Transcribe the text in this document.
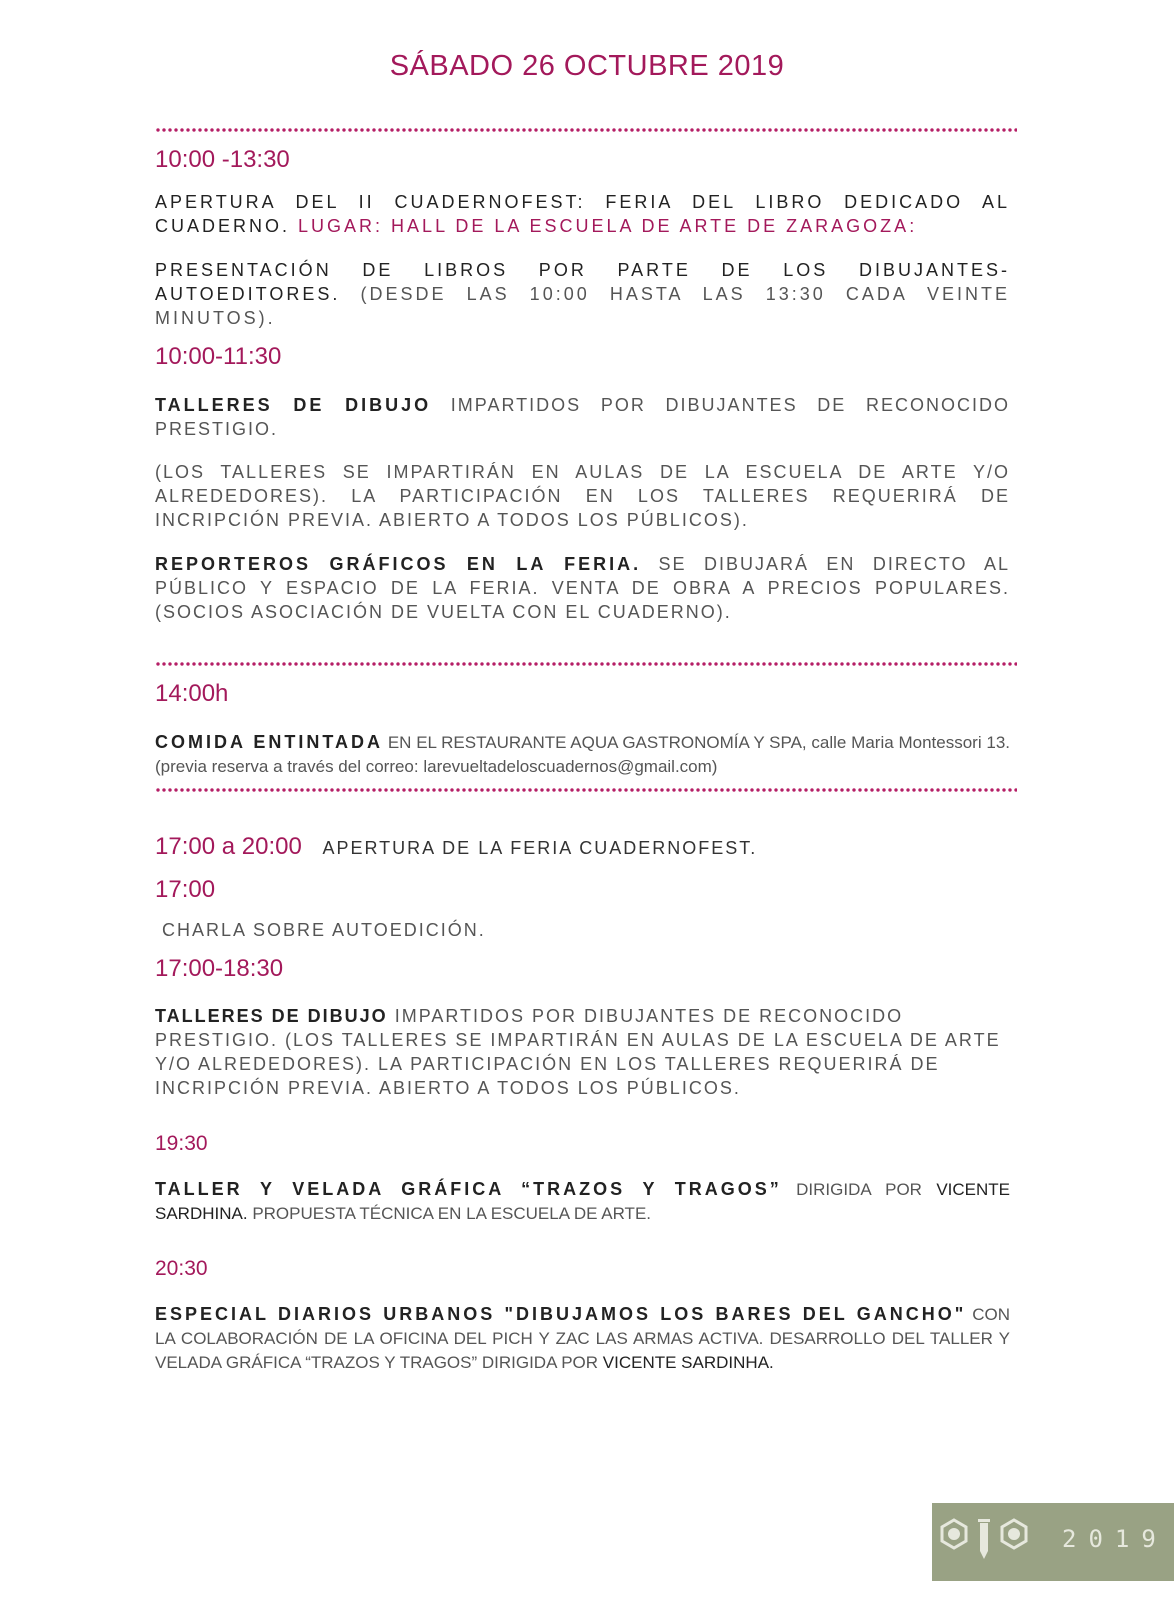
SÁBADO 26 OCTUBRE 2019
10:00 -13:30
APERTURA DEL II CUADERNOFEST: FERIA DEL LIBRO DEDICADO AL CUADERNO. LUGAR: HALL DE LA ESCUELA DE ARTE DE ZARAGOZA:
PRESENTACIÓN DE LIBROS POR PARTE DE LOS DIBUJANTES-AUTOEDITORES. (DESDE LAS 10:00 HASTA LAS 13:30 CADA VEINTE MINUTOS).
10:00-11:30
TALLERES DE DIBUJO IMPARTIDOS POR DIBUJANTES DE RECONOCIDO PRESTIGIO.
(LOS TALLERES SE IMPARTIRÁN EN AULAS DE LA ESCUELA DE ARTE Y/O ALREDEDORES). LA PARTICIPACIÓN EN LOS TALLERES REQUERIRÁ DE INCRIPCIÓN PREVIA. ABIERTO A TODOS LOS PÚBLICOS).
REPORTEROS GRÁFICOS EN LA FERIA. SE DIBUJARÁ EN DIRECTO AL PÚBLICO Y ESPACIO DE LA FERIA. VENTA DE OBRA A PRECIOS POPULARES. (SOCIOS ASOCIACIÓN DE VUELTA CON EL CUADERNO).
14:00h
COMIDA ENTINTADA EN EL RESTAURANTE AQUA GASTRONOMÍA Y SPA, calle Maria Montessori 13. (previa reserva a través del correo: larevueltadeloscuadernos@gmail.com)
17:00 a 20:00 APERTURA DE LA FERIA CUADERNOFEST.
17:00
CHARLA SOBRE AUTOEDICIÓN.
17:00-18:30
TALLERES DE DIBUJO IMPARTIDOS POR DIBUJANTES DE RECONOCIDO PRESTIGIO. (LOS TALLERES SE IMPARTIRÁN EN AULAS DE LA ESCUELA DE ARTE Y/O ALREDEDORES). LA PARTICIPACIÓN EN LOS TALLERES REQUERIRÁ DE INCRIPCIÓN PREVIA. ABIERTO A TODOS LOS PÚBLICOS.
19:30
TALLER Y VELADA GRÁFICA “TRAZOS Y TRAGOS” DIRIGIDA POR VICENTE SARDHINA. PROPUESTA TÉCNICA EN LA ESCUELA DE ARTE.
20:30
ESPECIAL DIARIOS URBANOS "DIBUJAMOS LOS BARES DEL GANCHO" CON LA COLABORACIÓN DE LA OFICINA DEL PICH Y ZAC LAS ARMAS ACTIVA. DESARROLLO DEL TALLER Y VELADA GRÁFICA “TRAZOS Y TRAGOS” DIRIGIDA POR VICENTE SARDINHA.
2019
